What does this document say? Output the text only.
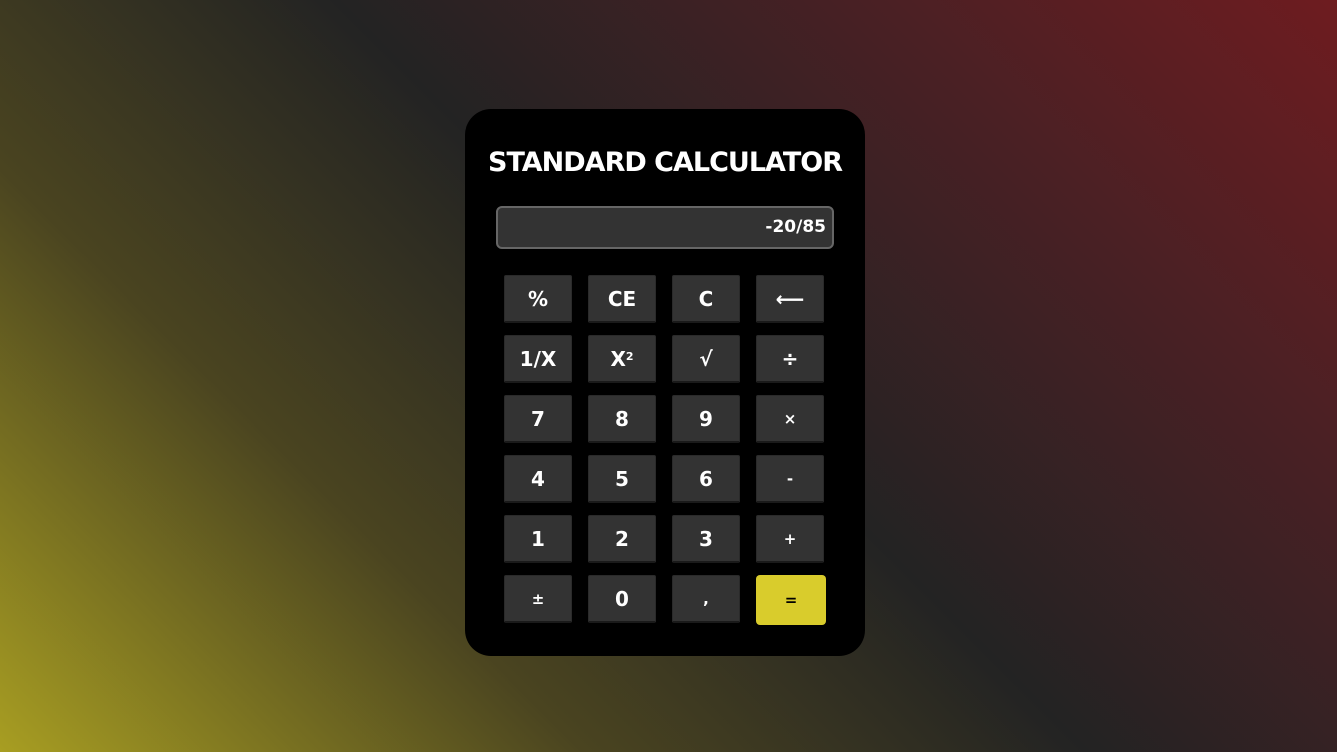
STANDARD CALCULATOR
-20/85
%	CE	C	⟵
1/X	$X^2$	√	÷
7	8	9	×
4	5	6	-
1	2	3	+
±	0	,	=
